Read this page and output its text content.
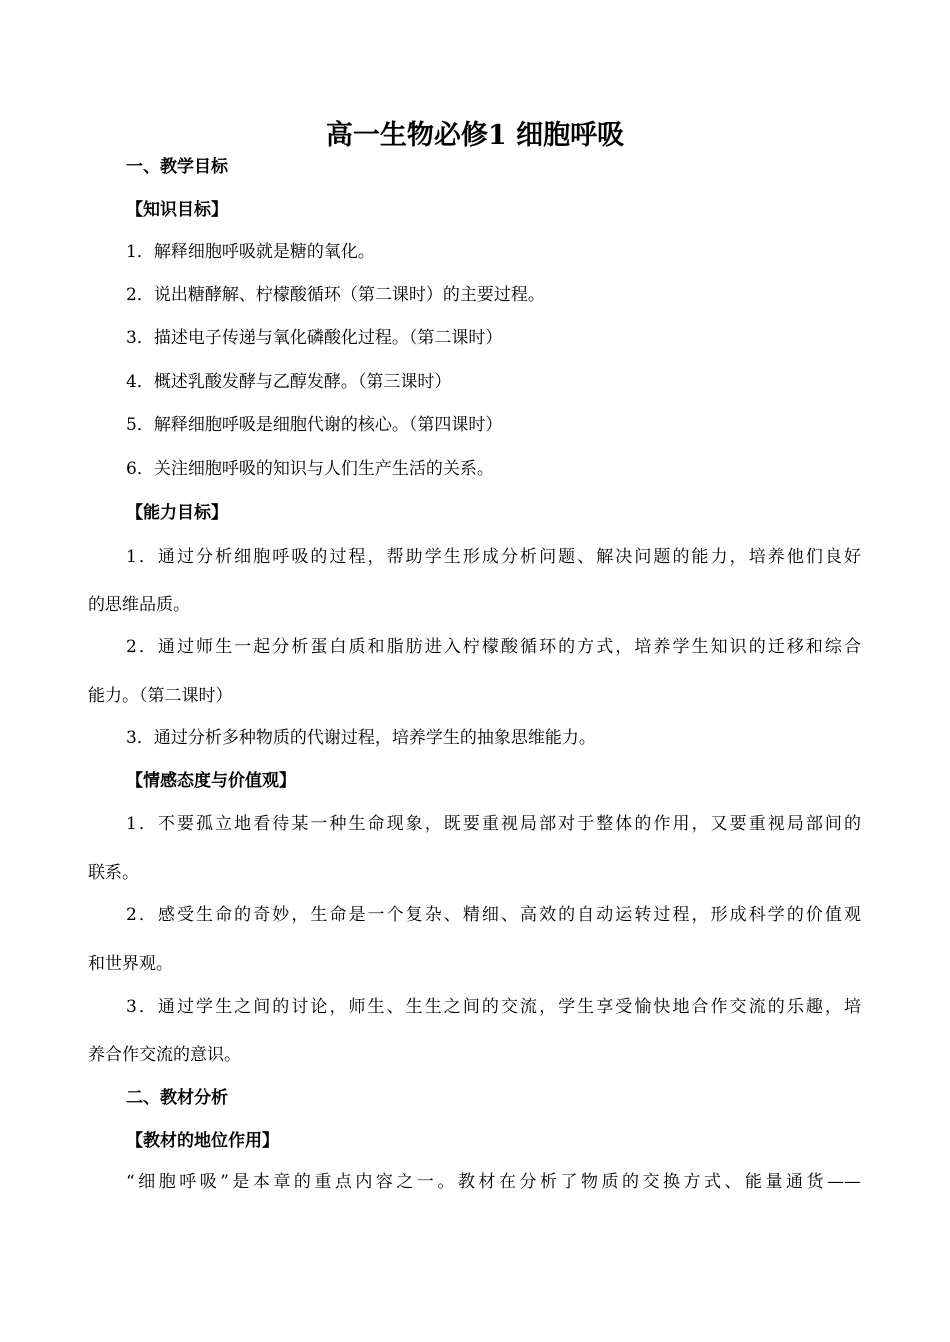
高一生物必修1 细胞呼吸
一、教学目标
【知识目标】
1．解释细胞呼吸就是糖的氧化。
2．说出糖酵解、柠檬酸循环（第二课时）的主要过程。
3．描述电子传递与氧化磷酸化过程。（第二课时）
4．概述乳酸发酵与乙醇发酵。（第三课时）
5．解释细胞呼吸是细胞代谢的核心。（第四课时）
6．关注细胞呼吸的知识与人们生产生活的关系。
【能力目标】
1．通过分析细胞呼吸的过程，帮助学生形成分析问题、解决问题的能力，培养他们良好
的思维品质。
2．通过师生一起分析蛋白质和脂肪进入柠檬酸循环的方式，培养学生知识的迁移和综合
能力。（第二课时）
3．通过分析多种物质的代谢过程，培养学生的抽象思维能力。
【情感态度与价值观】
1．不要孤立地看待某一种生命现象，既要重视局部对于整体的作用，又要重视局部间的
联系。
2．感受生命的奇妙，生命是一个复杂、精细、高效的自动运转过程，形成科学的价值观
和世界观。
3．通过学生之间的讨论，师生、生生之间的交流，学生享受愉快地合作交流的乐趣，培
养合作交流的意识。
二、教材分析
【教材的地位作用】
“细胞呼吸”是本章的重点内容之一。教材在分析了物质的交换方式、能量通货——
